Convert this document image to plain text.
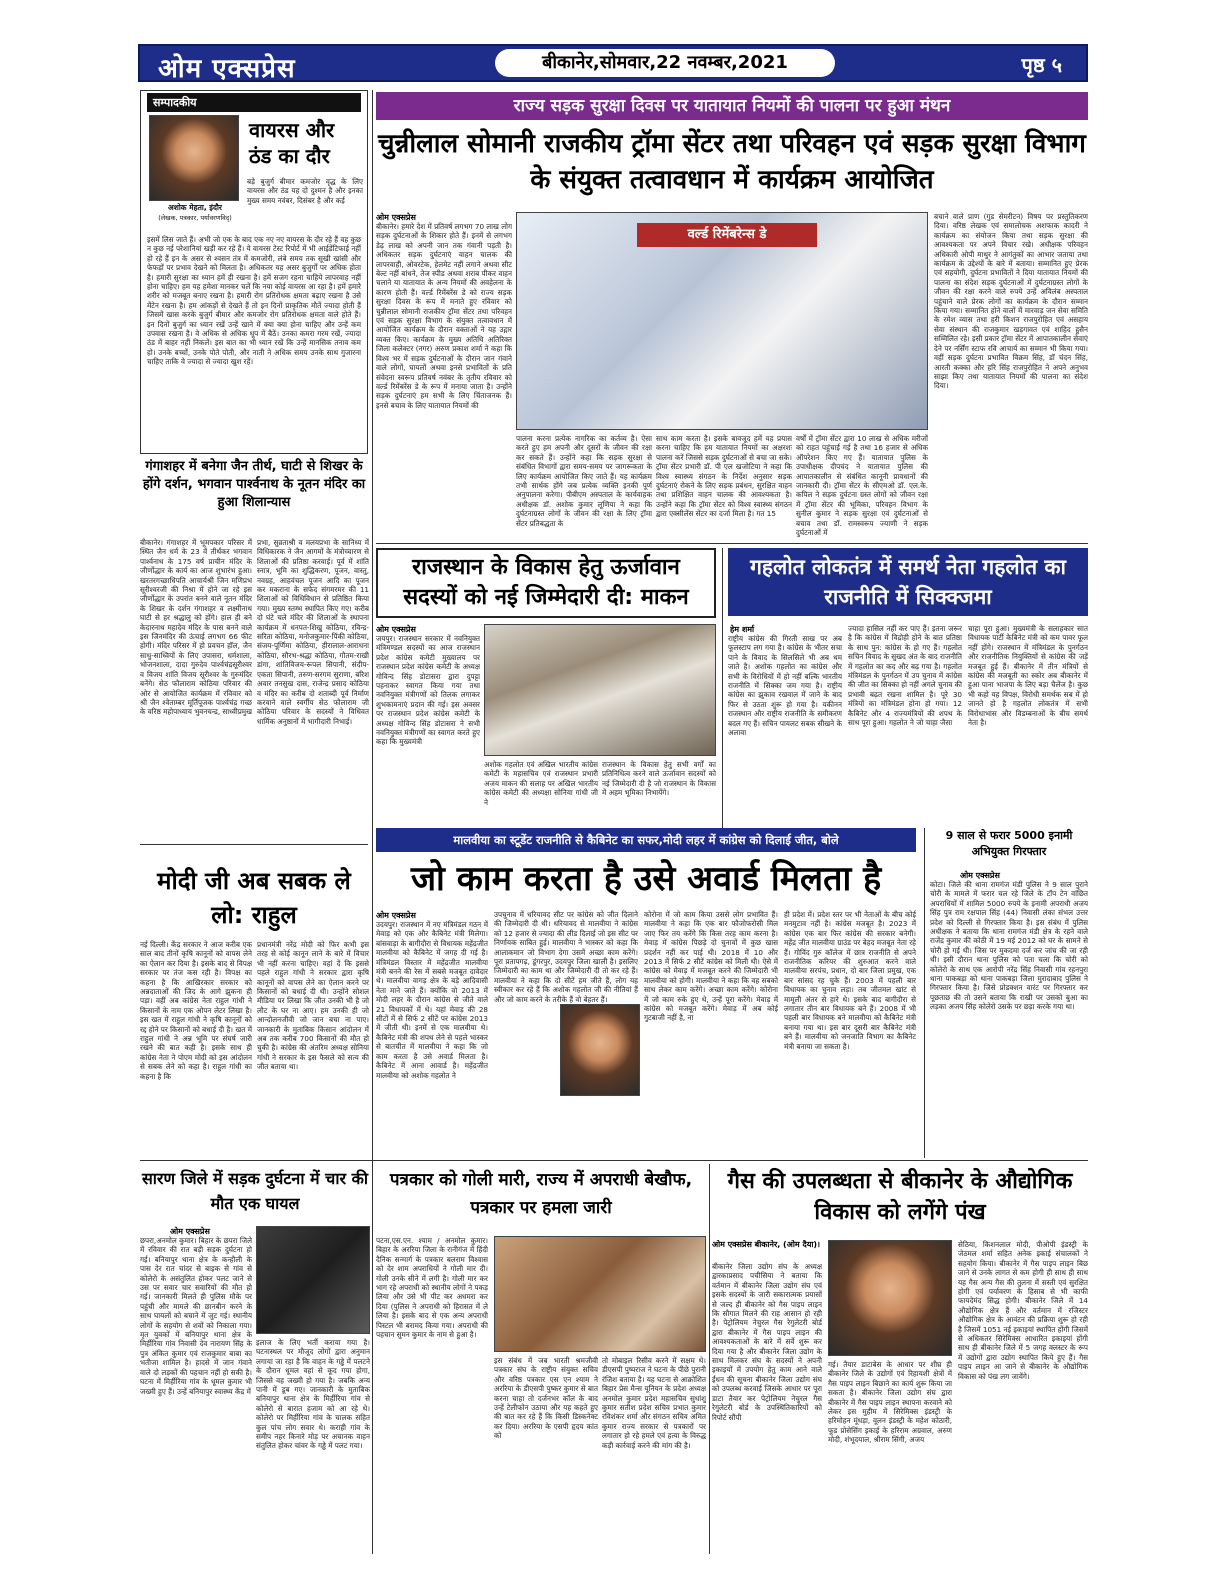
ओम एक्सप्रेस	बीकानेर,सोमवार,22 नवम्बर,2021	पृष्ठ ५
सम्पादकीय
अशोक मेहता, इंदौर
(लेखक, पत्रकार, पर्यावरणविद्)
वायरस और ठंड का दौर
बड़े बुजुर्ग बीमार कमजोर वृद्ध के लिए वायरस और ठंड यह दो दुश्मन है और इनका मुख्य समय नवंबर, दिसंबर है और कई
इसमें लिस जाते हैं। अभी जो एक के बाद एक नए नए वायरस के दौर रहे हैं वह कुछ न कुछ नई परेशानियां खड़ी कर रहे हैं। ये वायरस टेस्ट रिपोर्ट में भी आईडेंटिफाई नहीं हो रहे हैं इन के असर से श्वसन तंत्र में कमजोरी, लंबे समय तक सूखी खांसी और फेफड़ों पर प्रभाव देखने को मिलता है। अधिकतर यह असर बुजुर्गों पर अधिक होता है। हमारी सुरक्षा का ध्यान हमें ही रखना है। हमें सजग रहना चाहिये लापरवाह नहीं होना चाहिए। हम यह हमेशा मानकर चलें कि नया कोई वायरस आ रहा है। हमें हमारे शरीर को मजबूत बनाए रखना है। हमारी रोग प्रतिरोधक क्षमता बढ़ाए रखना है उसे मेंटेन रखना है। हम आंकड़ों से देखते हैं तो इन दिनों प्राकृतिक मौतें ज्यादा होती हैं जिसमें खास करके बुजुर्ग बीमार और कमजोर रोग प्रतिरोधक क्षमता वाले होते हैं। इन दिनों बुजुर्ग का ध्यान रखें उन्हें खाने में क्या क्या होना चाहिए और उन्हें कम उपवास रखना है। वे अधिक से अधिक धूप में बैठें। उनका कमरा गरम रखें, ज्यादा ठंड में बाहर नहीं निकलें। इस बात का भी ध्यान रखें कि उन्हें मानसिक तनाव कम हो। उनके बच्चों, उनके पोते पोती, और नाती ने अधिक समय उनके साथ गुजारना चाहिए ताकि वे ज्यादा से ज्यादा खुश रहें।
गंगाशहर में बनेगा जैन तीर्थ, घाटी से शिखर के होंगे दर्शन, भगवान पार्श्वनाथ के नूतन मंदिर का हुआ शिलान्यास
बीकानेर। गंगाशहर में भूमपकार परिसर में स्थित जैन धर्म के 23 वें तीर्थंकर भगवान पार्श्वनाथ के 175 वर्ष प्राचीन मंदिर के जीर्णोद्धार के कार्य का आज शुभारंभ हुआ। खरतरगच्छाधिपति आचार्यश्री जिन मणिप्रभ सूरीश्वरजी की निश्रा में होने जा रहे इस जीर्णोद्धार के उपरांत बनने वाले नूतन मंदिर के शिखर के दर्शन गंगाशहर व लक्ष्मीनाथ घाटी से हर श्रद्धालु को होंगे। हाल ही बने केदारनाथ महादेव मंदिर के पास बनने वाले इस जिनमंदिर की ऊंचाई लगभग 66 फीट होगी। मंदिर परिसर में हो प्रवचन हॉल, जैन साधु-साध्वियों के लिए उपासरा, धर्मशाला, भोजनशाला, दादा गुरुदेव पार्श्वचंद्रसूरीश्वर व विजय शांति विजय सूरीश्वर के गुरुमंदिर बनेंगे। सेठ फौलाराम कोठिया परिवार की ओर से आयोजित कार्यक्रम में रविवार को श्री जैन श्वेताम्बर मूर्तिपूजक पार्श्वचंद्र गच्छ के वरिष्ठ महोपाध्याय भुवनचन्द्र, साध्वीप्रमुख
प्रभा, सुव्रताश्री व मलयप्रभा के सानिध्य में विधिकारक ने जैन आगमों के मंत्रोच्चारण से शिलाओं की प्रतिष्ठा करवाई। पूर्व में शांति स्नात्र, भूमि का शुद्धिकरण, पूजन, वास्तु, नवग्रह, आहवंचल पूजन आदि का पूजन कर मकराना के सफेद संगमरमर की 11 शिलाओं को विधिविधान से प्रतिष्ठित किया गया। मुख्य स्तम्भ स्थापित किए गए। करीब दो घंटे चले मंदिर की शिलाओं के स्थापना कार्यक्रम में धनपत-शिखु कोठिया, रविन्द्र-सरिता कोठिया, मनोजकुमार-पिंकी कोठिया, संजय-पूर्णिमा कोठिया, हीरालाल-आराधना कोठिया, सौरभ-श्रद्धा कोठिया, गौतम-राखी डांगा, शांतिविजय-रूपल सिपानी, संदीप-एकता सिपानी, तरुण-सरगम सुराणा, बरिश अवार तनसुख दास, राजेन्द्र प्रसाद कोठिया व मंदिर का करीब दो शताब्दी पूर्व निर्माण करवाने वाले स्वर्गीय सेठ फौलाराम जी कोठिया परिवार के सदस्यों ने विधिवत धार्मिक अनुष्ठानों में भागीदारी निभाई।
राज्य सड़क सुरक्षा दिवस पर यातायात नियमों की पालना पर हुआ मंथन
चुन्नीलाल सोमानी राजकीय ट्रॉमा सेंटर तथा परिवहन एवं सड़क सुरक्षा विभाग के संयुक्त तत्वावधान में कार्यक्रम आयोजित
ओम एक्सप्रेस
बीकानेर। हमारे देश में प्रतिवर्ष लगभग 70 लाख लोग सड़क दुर्घटनाओं के शिकार होते हैं। इनमें से लगभग डेढ़ लाख को अपनी जान तक गंवानी पड़ती है। अधिकतर सड़क दुर्घटनाएं वाहन चालक की लापरवाही, ओवरटेक, हेलमेट नहीं लगाने अथवा सीट बेल्ट नहीं बांधने, तेज स्पीड अथवा शराब पीकर वाहन चलाने या यातायात के अन्य नियमों की अवहेलना के कारण होती हैं। वर्ल्ड रिमेंबरेंस डे को राज्य सड़क सुरक्षा दिवस के रूप में मनाते हुए रविवार को चुन्नीलाल सोमानी राजकीय ट्रॉमा सेंटर तथा परिवहन एवं सड़क सुरक्षा विभाग के संयुक्त तत्वावधान में आयोजित कार्यक्रम के दौरान वक्ताओं ने यह उद्गार व्यक्त किए। कार्यक्रम के मुख्य अतिथि अतिरिक्त जिला कलेक्टर (नगर) अरुण प्रकाश शर्मा ने कहा कि विश्व भर में सड़क दुर्घटनाओं के दौरान जान गंवाने वाले लोगों, घायलों अथवा इनसे प्रभावितों के प्रति संवेदना स्वरूप प्रतिवर्ष नवंबर के तृतीय रविवार को वर्ल्ड रिमेंबरेंस डे के रूप में मनाया जाता है। उन्होंने सड़क दुर्घटनाएं हम सभी के लिए चिंताजनक हैं। इनसे बचाव के लिए यातायात नियमों की
वर्ल्ड रिमेंबरेन्स डे
पालना करना प्रत्येक नागरिक का कर्तव्य है। ऐसा करते हुए हम अपनी और दूसरों के जीवन की रक्षा कर सकते हैं। उन्होंने कहा कि सड़क सुरक्षा से संबंधित विभागों द्वारा समय-समय पर जागरूकता के लिए कार्यक्रम आयोजित किए जाते हैं। यह कार्यक्रम तभी सार्थक होंगे जब प्रत्येक व्यक्ति इनकी पूर्ण अनुपालना करेगा। पीबीएम अस्पताल के कार्यवाहक अधीक्षक डॉ. अशोक कुमार लूणिया ने कहा कि दुर्घटनाग्रस्त लोगों के जीवन की रक्षा के लिए ट्रॉमा सेंटर प्रतिबद्धता के
साथ काम करता है। इसके बावजूद हमें यह प्रयास करना चाहिए कि हम यातायात नियमों का अक्षरशः पालना करें जिससे सड़क दुर्घटनाओं से बचा जा सके। ट्रॉमा सेंटर प्रभारी डॉ. पी एल खजोटिया ने कहा कि विश्व स्वास्थ्य संगठन के निर्देश अनुसार सड़क दुर्घटनाएं रोकने के लिए सड़क प्रबंधन, सुरक्षित वाहन तथा प्रशिक्षित वाहन चालक की आवश्यकता है। उन्होंने कहा कि ट्रॉमा सेंटर को विश्व स्वास्थ्य संगठन द्वारा एक्सीलेंस सेंटर का दर्जा मिला है। गत 15
वर्षों में ट्रॉमा सेंटर द्वारा 10 लाख से अधिक मरीजों को राहत पहुंचाई गई है तथा 16 हजार से अधिक ऑपरेशन किए गए हैं। यातायात पुलिस के उपाधीक्षक दीपचंद ने यातायात पुलिस की आपातकालीन से संबंधित कानूनी प्रावधानों की जानकारी दी। ट्रॉमा सेंटर के सीएमओ डॉ. एल.के. कपिल ने सड़क दुर्घटना ग्रस्त लोगों को जीवन रक्षा में ट्रॉमा सेंटर की भूमिका, परिवहन विभाग के सुनील कुमार ने सड़क सुरक्षा एवं दुर्घटनाओं से बचाव तथा डॉ. रामस्वरूप ज्याणी ने सड़क दुर्घटनाओं में
बचाने वाले प्राण (गुड सेमरीटन) विषय पर प्रस्तुतिकरण दिया। वरिष्ठ लेखक एवं समालोचक अशफाक कादरी ने कार्यक्रम का संयोजन किया तथा सड़क सुरक्षा की आवश्यकता पर अपने विचार रखे। अधीक्षक परिवहन अधिकारी ओपी माथुर ने आगंतुकों का आभार जताया तथा कार्यक्रम के उद्देश्यों के बारे में बताया। सम्मानित हुए प्रेरक एवं सहयोगी, दुर्घटना प्रभावितों ने दिया यातायात नियमों की पालना का संदेश सड़क दुर्घटनाओं में दुर्घटनाग्रस्त लोगों के जीवन की रक्षा करने वाले रुपये उन्हें अविलंब अस्पताल पहुंचाने वाले प्रेरक लोगों का कार्यक्रम के दौरान सम्मान किया गया। सम्मानित होने वालों में मारवाड़ जन सेवा समिति के रमेश व्यास तथा हरी किशन राजपुरोहित एवं असहाय सेवा संस्थान की राजकुमार खड़गावत एवं शाहिद हुसैन सम्मिलित रहे। इसी प्रकार ट्रॉमा सेंटर में आपातकालीन सेवाएं देने पर नर्सिंग स्टाफ रवि आचार्य का सम्मान भी किया गया। वहीं सड़क दुर्घटना प्रभावित विक्रम सिंह, डॉ चंदन सिंह, आरती कक्का और हरि सिंह राजपुरोहित ने अपने अनुभव साझा किए तथा यातायात नियमों की पालना का संदेश दिया।
राजस्थान के विकास हेतु ऊर्जावान सदस्यों को नई जिम्मेदारी दी: माकन
ओम एक्सप्रेस
जयपुर। राजस्थान सरकार में नवनियुक्त मंत्रिमण्डल सदस्यों का आज राजस्थान प्रदेश कांग्रेस कमेटी मुख्यालय पर राजस्थान प्रदेश कांग्रेस कमेटी के अध्यक्ष गोविन्द सिंह डोटासरा द्वारा दुपट्टा पहनाकर स्वागत किया गया तथा नवनियुक्त मंत्रीगणों को तिलक लगाकर शुभकामनाएं प्रदान की गई। इस अवसर पर राजस्थान प्रदेश कांग्रेस कमेटी के अध्यक्ष गोविन्द सिंह डोटासरा ने सभी नवनियुक्त मंत्रीगणों का स्वागत करते हुए कहा कि मुख्यमंत्री
अशोक गहलोत एवं अखिल भारतीय कांग्रेस कमेटी के महासचिव एवं राजस्थान प्रभारी अजय माकन की सलाह पर अखिल भारतीय कांग्रेस कमेटी की अध्यक्षा सोनिया गांधी जी ने
राजस्थान के विकास हेतु सभी वर्गों का प्रतिनिधित्व करने वाले ऊर्जावान सदस्यों को नई जिम्मेदारी दी है जो राजस्थान के विकास में अहम भूमिका निभायेंगे।
गहलोत लोकतंत्र में समर्थ नेता गहलोत का राजनीति में सिक्क्जमा
हेम शर्मा
राष्ट्रीय कांग्रेस की गिरती साख पर अब फूलस्टाप लग गया है। कांग्रेस के भीतर सचा पाने के विवाद के सिलसिले भी अब थम जाते है। अशोक गहलोत का कांग्रेस और सभी के विरोधियों में हो नहीं बल्कि भारतीय राजनीति में सिक्का जम गया है। राष्ट्रीय कांग्रेस का झुकाव रखवाल में जाने के बाद फिर से उठता शुरू हो गया है। यकीनन राजस्थान और राष्ट्रीय राजनीति के समीकरण बदल गए हैं। सचिन पायलट सबक सीखने के अलावा
ज्यादा हासिल नहीं कर पाए हैं। इतना जरूर है कि कांग्रेस में विद्रोही होने के बात प्रतिष्ठा के साथ पुन: कांग्रेस के हो गए हैं। गहलोत सचिन विवाद के सुखद अंत के बाद राजनीति में गहलोत का कद और बढ़ गया है। गहलोत मंत्रिमंडल के पुनर्गठन में उप चुनाव में कांग्रेस की जीत का सिक्का हो नहीं अगले चुनाव की प्रभावी बढ़त रखना शामिल है। पूरे 30 मंत्रियों का मंत्रिमंडल होना हो गया। 12 कैबिनेट और 4 राज्यमंत्रियों की शपथ के साथ पूरा हुआ। गहलोत ने जो चाहा जैसा
चाहा पूरा हुआ। मुख्यमंत्री के सलाहकार सात विधायक पार्टी केबिनेट मंत्री को कम पावर फूल नहीं होंगे। राजस्थान में मंत्रिमंडल के पुनर्गठन और राजनीतिक नियुक्तियों से कांग्रेस की जड़ें मजबूत हुई हैं। बीकानेर में तीन मंत्रियों से कांग्रेस की मजबूती का स्कोर अब बीकानेर में हुआ पाना भाजपा के लिए बड़ा चैलेंज है। कुछ भी कहो यह विपक्ष, विरोधी समर्थक सब में हो जानते हो है गहलोत लोकतंत्र में सभी विरोधाभास और विडम्बनाओं के बीच समर्थ नेता है।
मालवीया का स्टूडेंट राजनीति से कैबिनेट का सफर,मोदी लहर में कांग्रेस को दिलाई जीत, बोले
मोदी जी अब सबक ले लो: राहुल
नई दिल्ली। केंद्र सरकार ने आज करीब एक साल बाद तीनों कृषि कानूनों को वापस लेने का ऐलान कर दिया है। इसके बाद से विपक्ष सरकार पर तंज कस रही है। विपक्ष का कहना है कि आखिरकार सरकार को अन्नदाताओं की जिद के आगे झुकना ही पड़ा। वहीं अब कांग्रेस नेता राहुल गांधी ने किसानों के नाम एक ओपन लेटर लिखा है। इस खत में राहुल गांधी ने कृषि कानूनों को रद्द होने पर किसानों को बधाई दी है। खत में राहुल गांधी ने अन्न भूमि पर संघर्ष जारी रखने की बात कही है। इसके साथ ही कांग्रेस नेता ने पोएम मोदी को इस आंदोलन से सबक लेने को कहा है। राहुल गांधी का कहना है कि
प्रधानमंत्री नरेंद्र मोदी को फिर कभी इस तरह से कोई कानून लाने के बारे में विचार भी नहीं करना चाहिए। वहां दें कि इससे पहले राहुल गांधी ने सरकार द्वारा कृषि कानूनों को वापस लेने का ऐलान करने पर किसानों को बधाई दी थी। उन्होंने सोशल मीडिया पर लिखा कि जीत उनकी भी है जो लौट के घर ना आए। हम उनकी ही जो आन्दोलनजीवी जो जान बचा ना पाए। जानकारी के मुताबिक किसान आंदोलन में अब तक करीब 700 किसानों की मौत हो चुकी है। कांग्रेस की अंतरिम अध्यक्ष सोनिया गांधी ने सरकार के इस फैसले को सत्य की जीत बताया था।
जो काम करता है उसे अवार्ड मिलता है
ओम एक्सप्रेस
उदयपुर। राजस्थान में नए मंत्रिमंडल गठन में मेवाड़ को एक और कैबिनेट मंत्री मिलेगा। बांसवाड़ा के बागीदौरा से विधायक महेंद्रजीत मालवीया को कैबिनेट में जगह दी गई है। मंत्रिमंडल विस्तार में महेंद्रजीत मालवीया मंत्री बनने की रेस में सबसे मजबूत दावेदार थे। मालवीया वागड़ क्षेत्र के बड़े आदिवासी नेता माने जाते हैं। क्योंकि वो 2013 में मोदी लहर के दौरान कांग्रेस से जीते वाले 21 विधायकों में थे। यहां मेवाड़ की 28 सीटों में से सिर्फ 2 सीटें पर कांग्रेस 2013 में जीती थी। इनमें से एक मालवीया थे। कैबिनेट मंत्री की शपथ लेने से पहले भास्कर से बातचीत में मालवीया ने कहा कि जो काम करता है उसे अवार्ड मिलता है। कैबिनेट में आना आवार्ड है। महेंद्रजीत मालवीया को अशोक गहलोत ने
उपचुनाव में धरियावद सीट पर कांग्रेस को जीत दिलाने की जिम्मेदारी दी थी। धरियावद से मालवीया ने कांग्रेस को 12 हजार से ज्यादा की लीड दिलाई जो इस सीट पर निर्णायक साबित हुई। मालवीया ने भास्कर को कहा कि आलाकमान जो विभाग देगा उसमें अच्छा काम करेंगे। पूरा प्रतापगढ़, डूंगरपुर, उदयपुर जिला खाली है। इसलिए जिम्मेदारी का काम था और जिम्मेदारी दी तो कर रहे हैं। मालवीया ने कहा कि दो सीटें हम जीते हैं, लोग यह स्वीकार कर रहे हैं कि अशोक गहलोत जी की नीतियां हैं और जो काम करने के तरीके हैं वो बेहतर हैं।
कोरोना में जो काम किया उससे लोग प्रभावित हैं। मालवीया ने कहा कि एक बार फौजोफरोसी मिल जाए फिर तय करेंगे कि किस तरह काम करना है। मेवाड़ में कांग्रेस पिछड़े दो चुनावों में कुछ खास प्रदर्शन नहीं कर पाई थी। 2018 में 10 और 2013 में सिर्फ 2 सीटें कांग्रेस को मिली थी। ऐसे में कांग्रेस को मेवाड़ में मजबूत करने की जिम्मेदारी भी मालवीया को होगी। मालवीया ने कहा कि वह सबको साथ लेकर काम करेंगे। अच्छा काम करेंगे। कोरोना में जो काम रुके हुए थे, उन्हें पूरा करेंगे। मेवाड़ में कांग्रेस को मजबूत करेंगे। मेवाड़ में अब कोई गुटबाजी नहीं है, ना
ही प्रदेश में। प्रदेश स्तर पर भी नेताओं के बीच कोई मनमुटाव नहीं है। कांग्रेस मजबूत है। 2023 में कांग्रेस एक बार फिर कांग्रेस की सरकार बनेगी। महेंद्र जीत मालवीया ग्राउंड पर बेहद मजबूत नेता रहे हैं। गोविंद गुरु कॉलेज में छात्र राजनीति से अपने राजनीतिक करियर की शुरुआत करने वाले मालवीया सरपंच, प्रधान, दो बार जिला प्रमुख, एक बार सांसद रह चुके हैं। 2003 में पहली बार विधायक का चुनाव लड़ा। तब जीतमल खांट से मामूली अंतर से हारे थे। इसके बाद बागीदौरा से लगातार तीन बार विधायक बने हैं। 2008 में भी पहली बार विधायक बने मालवीया को कैबिनेट मंत्री बनाया गया था। इस बार दूसरी बार कैबिनेट मंत्री बने हैं। मालवीया को जनजाति विभाग का कैबिनेट मंत्री बनाया जा सकता है।
9 साल से फरार 5000 इनामी अभियुक्त गिरफ्तार
ओम एक्सप्रेस
कोटा। जिले की थाना रामगंज मंडी पुलिस ने 9 साल पुराने चोरी के मामले में फरार चल रहे जिले के टॉप टेन वांछित अपराधियों में शामिल 5000 रुपये के इनामी अपराधी अजय सिंह पुत्र राम रक्षपाल सिंह (44) निवासी लंका संभल उत्तर प्रदेश को दिल्ली से गिरफ्तार किया है। इस संबंध में पुलिस अधीक्षक ने बताया कि थाना रामगंज मंडी क्षेत्र के रहने वाले राजेंद्र कुमार की कोठी में 19 मई 2012 को घर के सामने से चोरी हो गई थी। जिस पर मुकदमा दर्ज कर जांच की जा रही थी। इसी दौरान थाना पुलिस को पता चला कि चोरी को कोलेरो के साथ एक आरोपी नरेंद्र सिंह निवासी गांव रहनपुरा थाना पाकबड़ा को थाना पाकबड़ा जिला मुरादाबाद पुलिस ने गिरफ्तार किया है। जिसे प्रोडक्शन वारंट पर गिरफ्तार कर पूछताछ की तो उसने बताया कि राखी पर उसको बुआ का लड़का अजय सिंह कोलेरो उसके पर छड़ा करके गया था।
सारण जिले में सड़क दुर्घटना में चार की मौत एक घायल
ओम एक्सप्रेस
छपरा,अनमोल कुमार। बिहार के छपरा जिले में रविवार की रात बड़ी सड़क दुर्घटना हो गई। बनियापुर थाना क्षेत्र के कन्हौली के पास देर रात चांदर से बाइक से गांव से कोलेरो के असंतुलित होकर पलट जाने से उस पर सवार चार सवारियों की मौत हो गई। जानकारी मिलते ही पुलिस मौके पर पहुंची और मामले की छानबीन करने के साथ घायलों को बचाने में जुट गई। स्थानीय लोगों के सहयोग से शवों को निकाला गया। मृत युवकों में बनियापुर थाना क्षेत्र के मिर्हीरिया गांव निवासी देव नारायण सिंह के पुत्र अंकित कुमार एवं राजकुमार बाबा का भतीजा शामिल है। हादसे में जान गंवाने वाले दो लड़कों की पहचान नहीं हो सकी है। घटना में मिर्हीरिया गांव के धूमल कुमार भी जख्मी हुए हैं। उन्हें बनियापुर स्वास्थ्य केंद्र में
इलाज के लिए भर्ती कराया गया है।घटनास्थल पर मौजूद लोगों द्वारा अनुमान लगाया जा रहा है कि वाहन के गड्ढे में पलटने के दौरान धूमल वहां से कूद गया होगा, जिससे वह जख्मी हो गया है। जबकि अन्य पानी में डूब गए। जानकारी के मुताबिक बनियापुर थाना क्षेत्र के मिर्हीरिया गांव से कोलेरो से बारात हजाम को आ रहे थे। कोलेरो पर मिर्हीरिया गांव के चालक सहित कुल पांच लोग सवार थे। कराही गांव के समीप नहर किनारे मोड़ पर अचानक वाहन संतुलित होकर चांवर के गड्ढे में पलट गया।
पत्रकार को गोली मारी, राज्य में अपराधी बेखौफ, पत्रकार पर हमला जारी
पटना,एस.एन. श्याम / अनमोल कुमार। बिहार के अररिया जिला के रानीगंज में हिंदी दैनिक सन्मार्ग के पत्रकार बलराम विश्वास को देर शाम अपराधियों ने गोली मार दी। गोली उनके सीने में लगी है। गोली मार कर भाग रहे अपराधी को स्थानीय लोगों ने पकड़ लिया और उसे भी पीट कर अधमरा कर दिया (पुलिस ने अपराधी को हिरासत में ले लिया है। इसके बाद से एक अन्य अपराधी पिस्टल भी बरामद किया गया। अपराधी की पहचान सुमन कुमार के नाम से हुआ है।
इस संबंध में जब भारती श्रमजीवी पत्रकार संघ के राष्ट्रीय संयुक्त सचिव और वरिष्ठ पत्रकार एस एन श्याम ने अररिया के डीएसपी पुष्कर कुमार से बात करना चाहा तो दर्जनभर कॉल के बाद उन्हें टेलीफोन उठाया और यह कहते हुए की बात कर रहे हैं कि किसी डिस्कनेक्ट कर दिया। अररिया के एसपी हृदय कांत को
तो मोबाइल रिसीव करने में सक्षम थे। डीएसपी पुष्पराज ने घटना के पीछे पुरानी रंजिश बताया है। यह घटना से आक्रोशित बिहार प्रेस मैन्स यूनियन के प्रदेश अध्यक्ष अनमोल कुमार प्रदेश महासचिव सुधांशु कुमार सतीश प्रदेश सचिव प्रभात कुमार रविशंकर शर्मा और संगठन सचिव अमित कुमार राज्य सरकार से पत्रकारों पर लगातार हो रहे हमले एवं हत्या के विरुद्ध कड़ी कार्रवाई करने की मांग की है।
गैस की उपलब्धता से बीकानेर के औद्योगिक विकास को लगेंगे पंख
ओम एक्सप्रेस बीकानेर, (ओम दैया)।
बीकानेर जिला उद्योग संघ के अध्यक्ष द्वारकाप्रसाद पचीसिया ने बताया कि वर्तमान में बीकानेर जिला उद्योग संघ एवं इसके सदस्यों के जारी सकारात्मक प्रयासों से जल्द ही बीकानेर को गैस पाइप लाइन कि सौगात मिलने की राह आसान हो रही है। पेट्रोलियम नेचुरल गैस रेगुलेटरी बोर्ड द्वारा बीकानेर में गैस पाइप लाइन की आवश्यकताओं के बारे में सर्वे शुरू कर दिया गया है और बीकानेर जिला उद्योग के साथ मिलकर संघ के सदस्यों ने अपनी इकाइयों में उपयोग हेतु काम आने वाले ईंधन की सूचना बीकानेर जिला उद्योग संघ को उपलब्ध करवाई जिसके आधार पर पूरा डाटा तैयार कर पेट्रोलियम नेचुरल गैस रेगुलेटरी बोर्ड के उपस्थितिकारियों को रिपोर्ट सौंपी
गई। तैयार डाटाबेस के आधार पर शीघ्र ही बीकानेर जिले के उद्योगों एवं रिहायशी क्षेत्रों में गैस पाइप लाइन बिछाने का कार्य शुरू किया जा सकता है। बीकानेर जिला उद्योग संघ द्वारा बीकानेर में गैस पाइप लाइन स्थापना करवाने को लेकर इस मुहीम में सिरेमिक्स इंडस्ट्री के हरिमोहन मूंधड़ा, वूलन इंडस्ट्री के महेश कोठारी, फूड प्रोसेसिंग इकाई के हरिराम अग्रवाल, अरुण मोदी, शंभूदयाल, श्रीराम सिंगी, अजय
सेठिया, किशनलाल मोदी, पीओपी इंडस्ट्री के जेठमल शर्मा सहित अनेक इकाई संचालकों ने सहयोग किया। बीकानेर में गैस पाइप लाइन बिछ जाने से उनके लागत से कम होगी ही साथ ही साथ यह गैस अन्य गैस की तुलना में सस्ती एवं सुरक्षित होगी एवं पर्यावरण के हिसाब से भी काफी फायदेमंद सिद्ध होगी। बीकानेर जिले में 14 औद्योगिक क्षेत्र हैं और वर्तमान में रजिस्टर औद्योगिक क्षेत्र के आवंटन की प्रक्रिया शुरू हो रही है जिसमें 1051 नई इकाइयां स्थापित होंगी जिसमें से अधिकतर सिरेमिक्स आधारित इकाइयां होंगी साथ ही बीकानेर जिले में 5 जगह क्लस्टर के रूप में उद्योगों द्वारा उद्योग स्थापित किये हुए हैं। गैस पाइप लाइन आ जाने से बीकानेर के औद्योगिक विकास को पंख लग जायेंगे।
